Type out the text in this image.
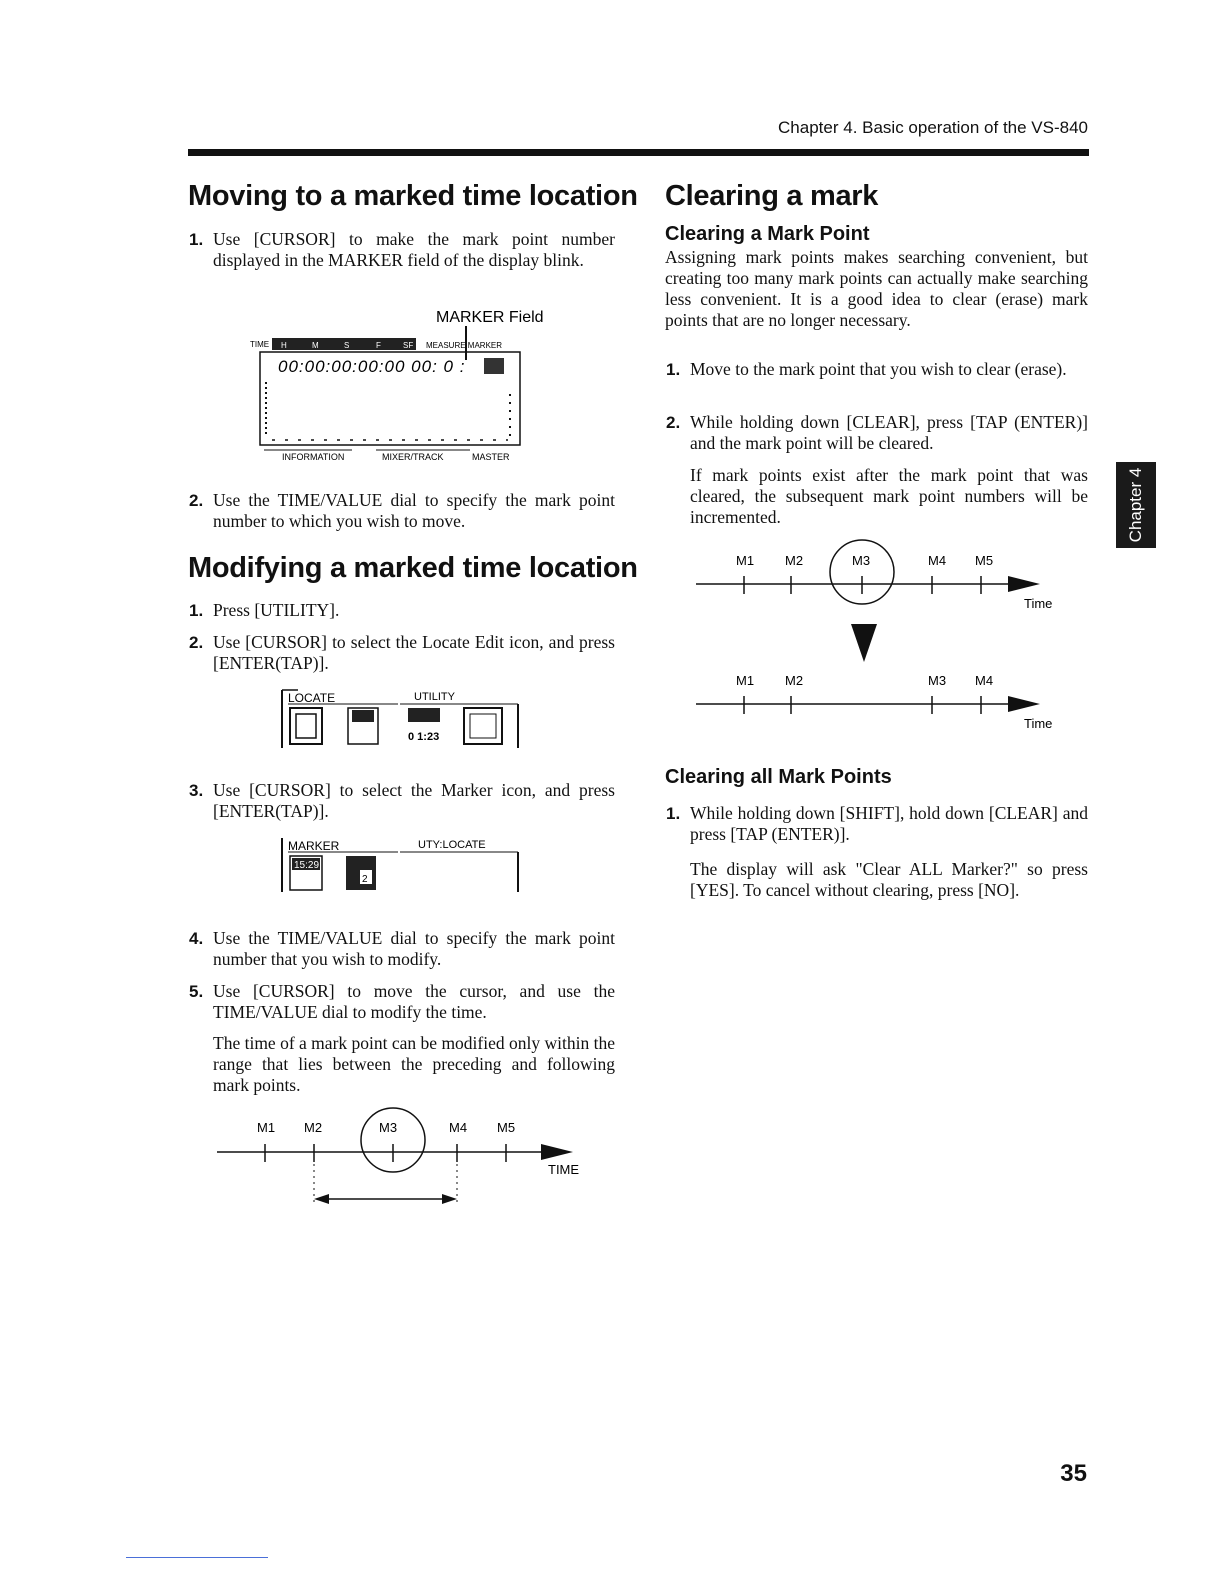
Chapter 4. Basic operation of the VS-840
Chapter 4
Moving to a marked time location
1. Use [CURSOR] to make the mark point number displayed in the MARKER field of the display blink.
MARKER Field
TIME H	M	S	F	SF MEASURE MARKER
00:00:00:00:00 00: 0 :
INFORMATION	MIXER/TRACK	MASTER
2. Use the TIME/VALUE dial to specify the mark point number to which you wish to move.
Modifying a marked time location
1. Press [UTILITY].
2. Use [CURSOR] to select the Locate Edit icon, and press [ENTER(TAP)].
LOCATE	UTILITY
0 1:23
3. Use [CURSOR] to select the Marker icon, and press [ENTER(TAP)].
MARKER	UTY:LOCATE
15:29
2
4. Use the TIME/VALUE dial to specify the mark point number that you wish to modify.
5. Use [CURSOR] to move the cursor, and use the TIME/VALUE dial to modify the time.
The time of a mark point can be modified only within the range that lies between the preceding and following mark points.
M1 M2	M3	M4 M5
TIME
Clearing a mark
Clearing a Mark Point
Assigning mark points makes searching convenient, but creating too many mark points can actually make searching less convenient. It is a good idea to clear (erase) mark points that are no longer necessary.
1. Move to the mark point that you wish to clear (erase).
2. While holding down [CLEAR], press [TAP (ENTER)] and the mark point will be cleared.
If mark points exist after the mark point that was cleared, the subsequent mark point numbers will be incremented.
M1 M2	M3	M4 M5
Time
M1 M2	M3 M4
Time
Clearing all Mark Points
1. While holding down [SHIFT], hold down [CLEAR] and press [TAP (ENTER)].
The display will ask "Clear ALL Marker?" so press [YES]. To cancel without clearing, press [NO].
35
